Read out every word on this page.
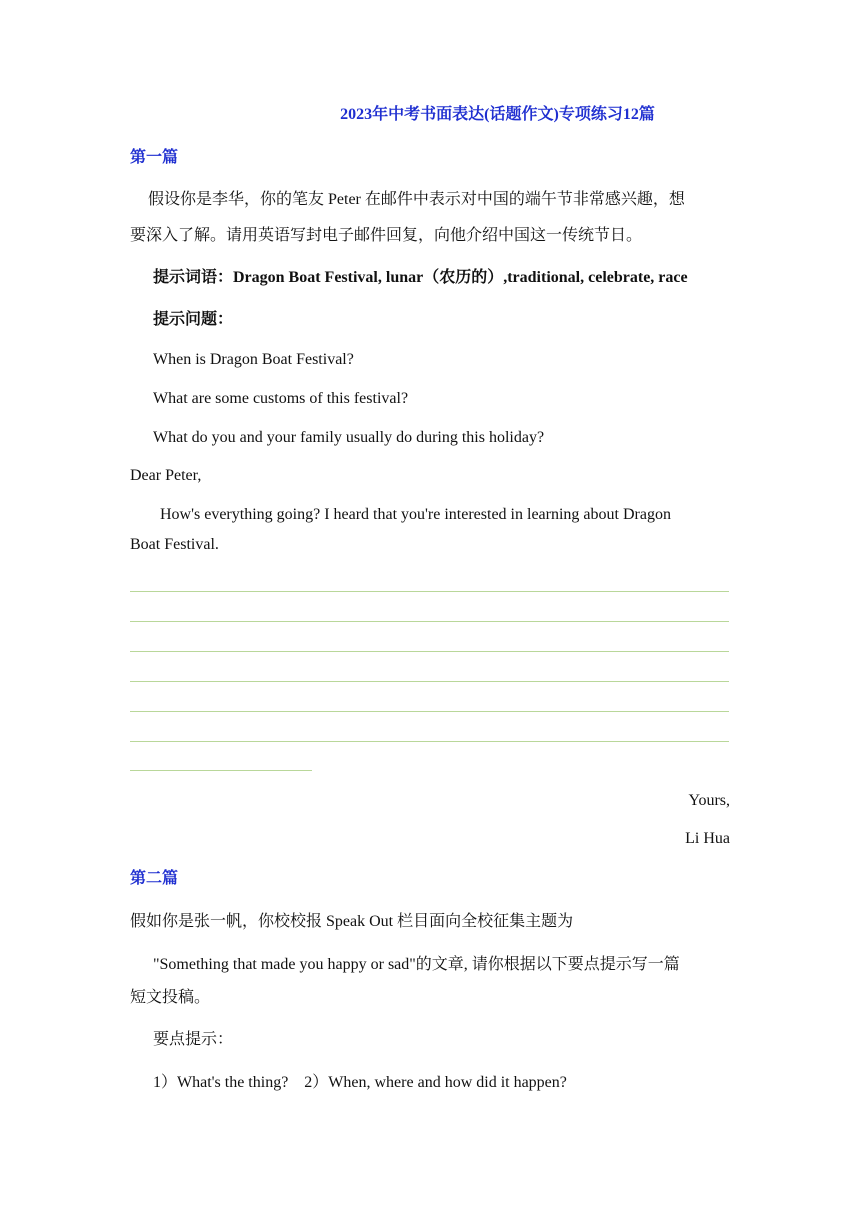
2023年中考书面表达(话题作文)专项练习12篇
第一篇
假设你是李华，你的笔友 Peter 在邮件中表示对中国的端午节非常感兴趣，想
要深入了解。请用英语写封电子邮件回复，向他介绍中国这一传统节日。
提示词语：Dragon Boat Festival, lunar（农历的）,traditional, celebrate, race
提示问题：
When is Dragon Boat Festival?
What are some customs of this festival?
What do you and your family usually do during this holiday?
Dear Peter,
How's everything going? I heard that you're interested in learning about Dragon
Boat Festival.
Yours,
Li Hua
第二篇
假如你是张一帆，你校校报 Speak Out 栏目面向全校征集主题为
"Something that made you happy or sad"的文章, 请你根据以下要点提示写一篇
短文投稿。
要点提示：
1）What's the thing?    2）When, where and how did it happen?
